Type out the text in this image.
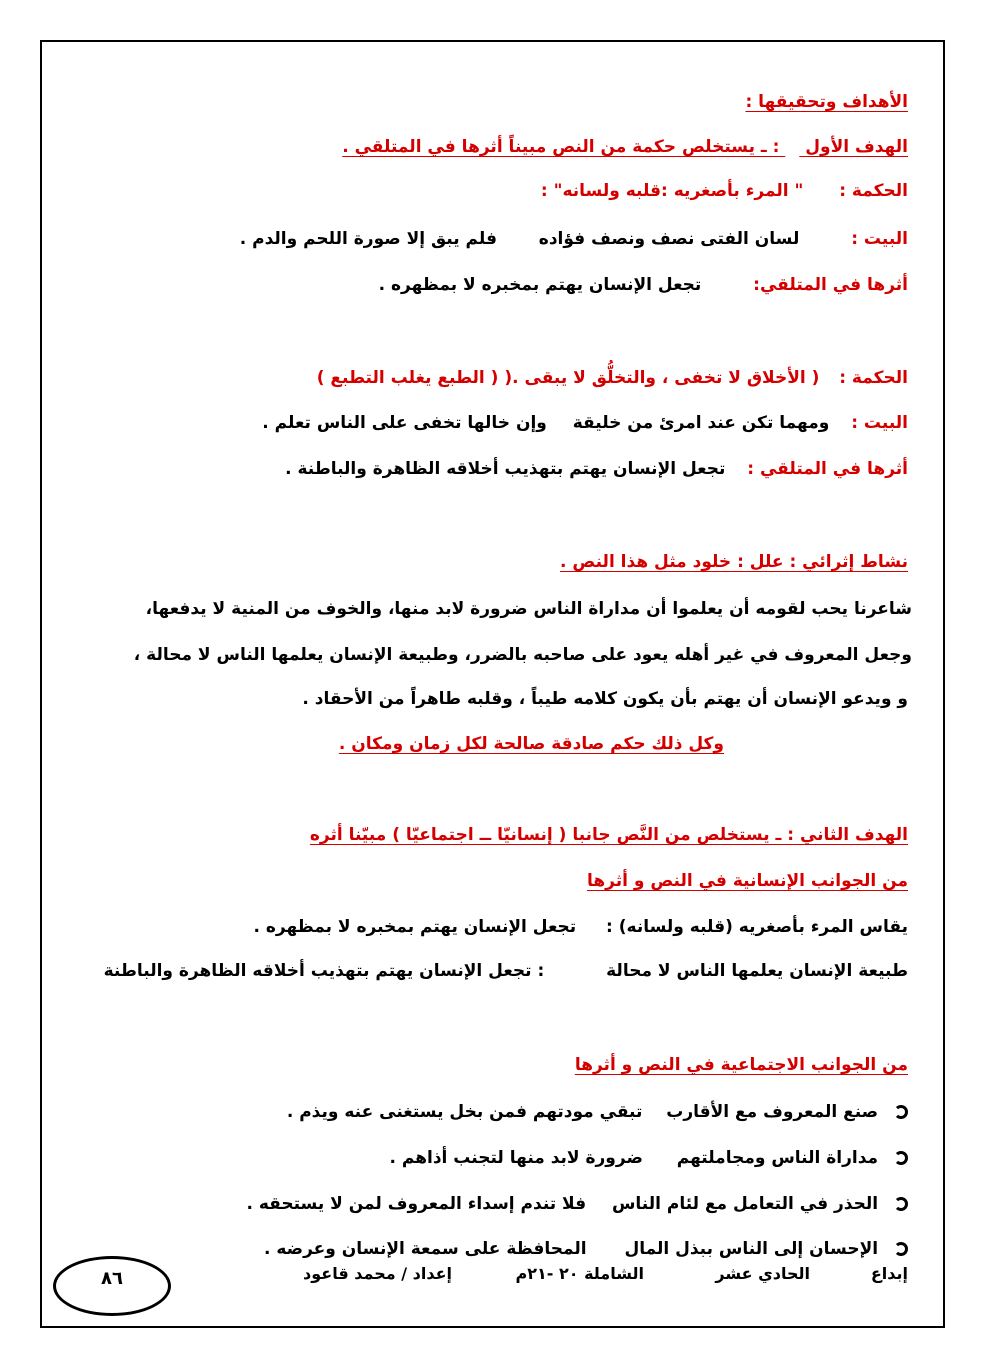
الأهداف وتحقيقها :
الهدف الأول  : ـ يستخلص حكمة من النص مبيناً أثرها في المتلقي .
الحكمة :  " المرء بأصغريه :قلبه ولسانه" :
البيت :  لسان الفتى نصف ونصف فؤاده  فلم يبق إلا صورة اللحم والدم .
أثرها في المتلقي:  تجعل الإنسان يهتم بمخبره لا بمظهره .
الحكمة :  ( الأخلاق لا تخفى ، والتخلُّق لا يبقى .( ( الطبع يغلب التطبع )
البيت :  ومهما تكن عند امرئ من خليقة  وإن خالها تخفى على الناس تعلم .
أثرها في المتلقي :  تجعل الإنسان يهتم بتهذيب أخلاقه الظاهرة والباطنة .
نشاط إثرائي : علل : خلود مثل هذا النص .
شاعرنا يحب لقومه أن يعلموا أن مداراة الناس ضرورة لابد منها، والخوف من المنية لا يدفعها،
وجعل المعروف في غير أهله يعود على صاحبه بالضرر، وطبيعة الإنسان يعلمها الناس لا محالة ،
و ويدعو الإنسان أن يهتم بأن يكون كلامه طيباً ، وقلبه طاهراً من الأحقاد .
وكل ذلك حكم صادقة صالحة لكل زمان ومكان .
الهدف الثاني : ـ يستخلص من النَّص جانبا ( إنسانيّا ــ اجتماعيّا ) مبيّنا أثره
من الجوانب الإنسانية في النص و أثرها
يقاس المرء بأصغريه (قلبه ولسانه) :  تجعل الإنسان يهتم بمخبره لا بمظهره .
طبيعة الإنسان يعلمها الناس لا محالة  : تجعل الإنسان يهتم بتهذيب أخلاقه الظاهرة والباطنة
من الجوانب الاجتماعية في النص و أثرها
صنع المعروف مع الأقارب  تبقي مودتهم فمن بخل يستغنى عنه ويذم .
مداراة الناس ومجاملتهم  ضرورة لابد منها لتجنب أذاهم .
الحذر في التعامل مع لئام الناس  فلا تندم إسداء المعروف لمن لا يستحقه .
الإحسان إلى الناس ببذل المال  المحافظة على سمعة الإنسان وعرضه .
إبداع
الحادي عشر
الشاملة ٢٠ -٢١م
إعداد / محمد قاعود
٨٦
